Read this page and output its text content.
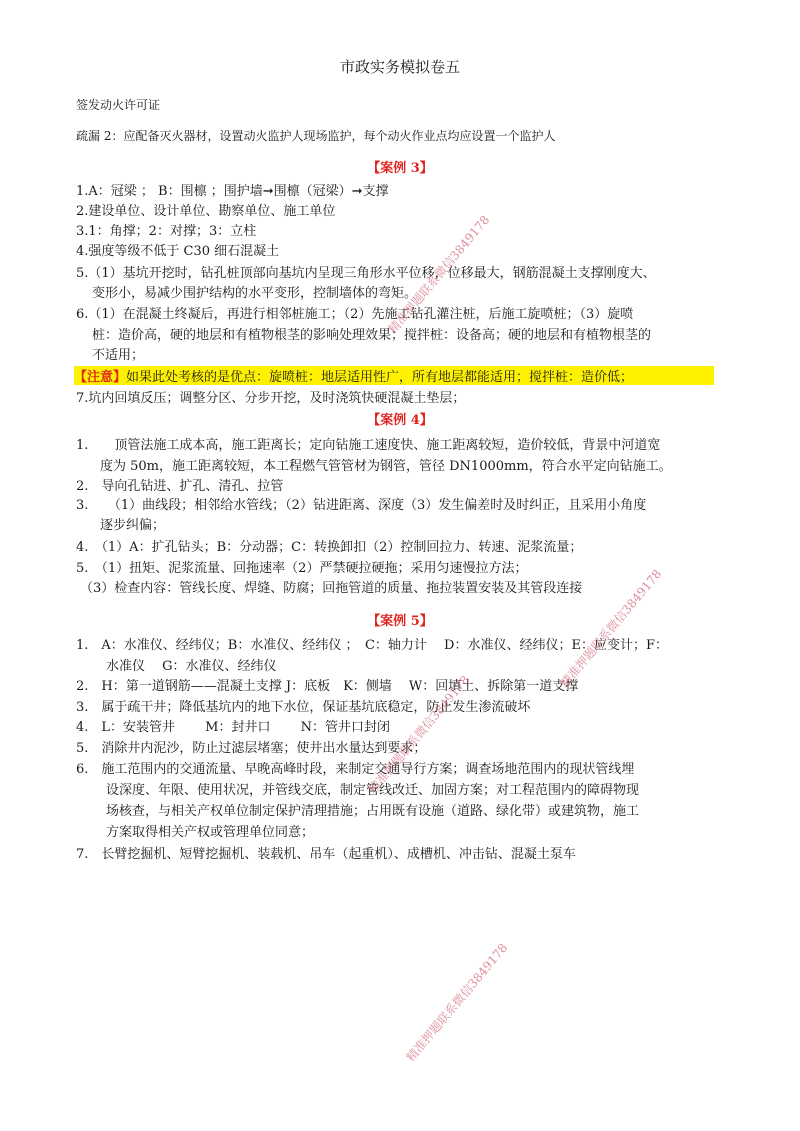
市政实务模拟卷五
签发动火许可证
疏漏 2：应配备灭火器材，设置动火监护人现场监护，每个动火作业点均应设置一个监护人
【案例 3】
1.A：冠梁 ； B：围檩 ；围护墙➞围檩（冠梁）➞支撑
2.建设单位、设计单位、勘察单位、施工单位
3.1：角撑；2：对撑；3：立柱
4.强度等级不低于 C30 细石混凝土
5.（1）基坑开挖时，钻孔桩顶部向基坑内呈现三角形水平位移，位移最大，钢筋混凝土支撑刚度大、
变形小，易减少围护结构的水平变形，控制墙体的弯矩。
6.（1）在混凝土终凝后，再进行相邻桩施工；（2）先施工钻孔灌注桩，后施工旋喷桩；（3）旋喷
桩：造价高，硬的地层和有植物根茎的影响处理效果；搅拌桩：设备高；硬的地层和有植物根茎的
不适用；
【注意】如果此处考核的是优点：旋喷桩：地层适用性广，所有地层都能适用；搅拌桩：造价低；
7.坑内回填反压；调整分区、分步开挖，及时浇筑快硬混凝土垫层；
【案例 4】
1.　　顶管法施工成本高，施工距离长；定向钻施工速度快、施工距离较短，造价较低，背景中河道宽
度为 50m，施工距离较短，本工程燃气管管材为钢管，管径 DN1000mm，符合水平定向钻施工。
2.　导向孔钻进、扩孔、清孔、拉管
3.　　（1）曲线段；相邻给水管线；（2）钻进距离、深度（3）发生偏差时及时纠正，且采用小角度
逐步纠偏；
4.　（1）A：扩孔钻头；B：分动器；C：转换卸扣（2）控制回拉力、转速、泥浆流量；
5.　（1）扭矩、泥浆流量、回拖速率（2）严禁硬拉硬拖；采用匀速慢拉方法；
（3）检查内容：管线长度、焊缝、防腐；回拖管道的质量、拖拉装置安装及其管段连接
【案例 5】
1.　A：水准仪、经纬仪；B：水准仪、经纬仪 ；　C：轴力计　 D：水准仪、经纬仪；E：应变计；F：
水准仪　 G：水准仪、经纬仪
2.　H：第一道钢筋——混凝土支撑 J：底板　K：侧墙　 W：回填土、拆除第一道支撑
3.　属于疏干井；降低基坑内的地下水位，保证基坑底稳定，防止发生渗流破坏
4.　L：安装管井　　 M：封井口　　 N：管井口封闭
5.　消除井内泥沙，防止过滤层堵塞；使井出水量达到要求；
6.　施工范围内的交通流量、早晚高峰时段，来制定交通导行方案；调查场地范围内的现状管线埋
设深度、年限、使用状况，并管线交底，制定管线改迁、加固方案；对工程范围内的障碍物现
场核查，与相关产权单位制定保护清理措施；占用既有设施（道路、绿化带）或建筑物，施工
方案取得相关产权或管理单位同意；
7.　长臂挖掘机、短臂挖掘机、装载机、吊车（起重机）、成槽机、冲击钻、混凝土泵车
精准押题联系微信3849178
精准押题联系微信3849178
精准押题联系微信3849178
精准押题联系微信3849178
